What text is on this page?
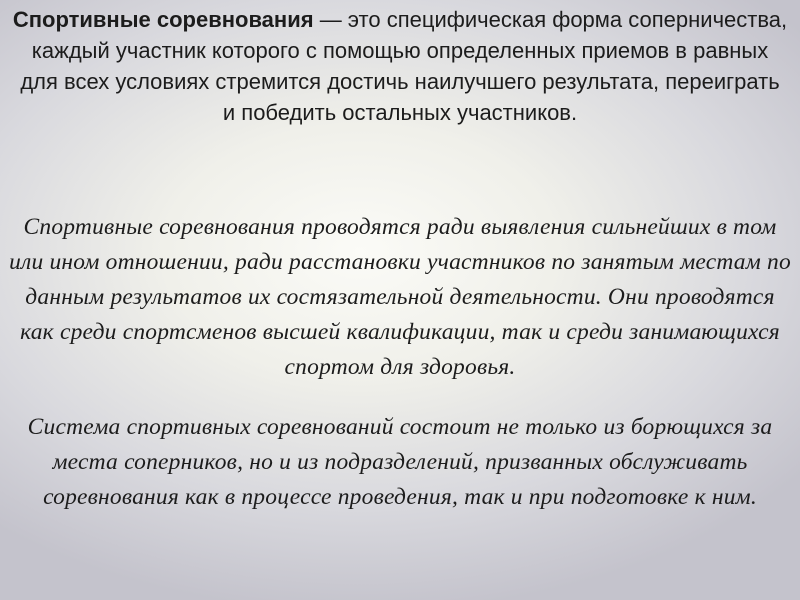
Спортивные соревнования — это специфическая форма соперничества, каждый участник которого с помощью определенных приемов в равных для всех условиях стремится достичь наилучшего результата, переиграть и победить остальных участников.

Спортивные соревнования проводятся ради выявления сильнейших в том или ином отношении, ради расстановки участников по занятым местам по данным результатов их состязательной деятельности. Они проводятся как среди спортсменов высшей квалификации, так и среди занимающихся спортом для здоровья.

Система спортивных соревнований состоит не только из борющихся за места соперников, но и из подразделений, призванных обслуживать соревнования как в процессе проведения, так и при подготовке к ним.
